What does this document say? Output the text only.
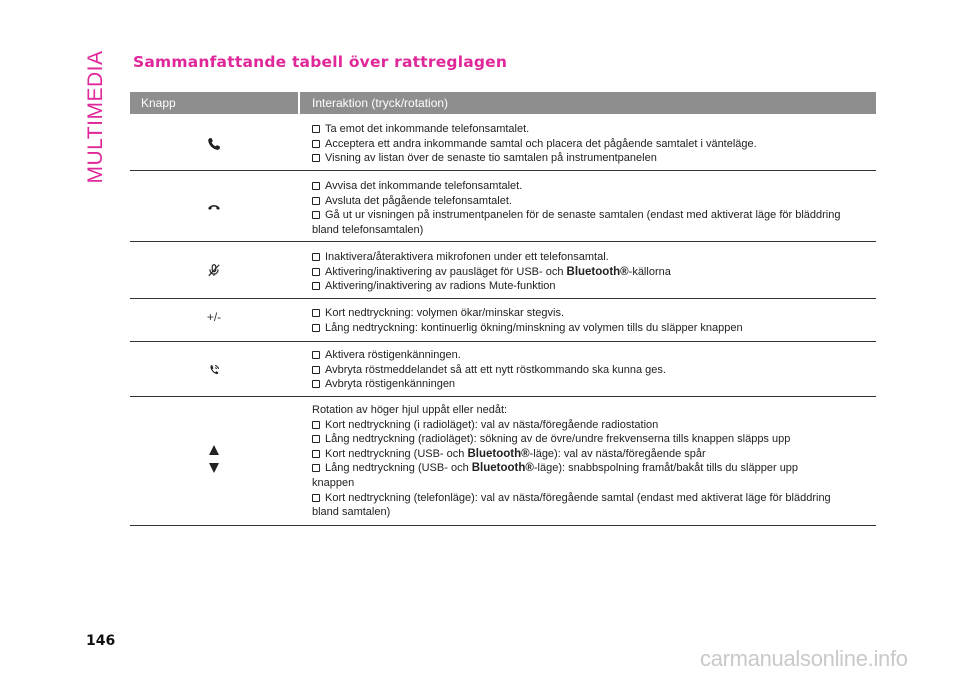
MULTIMEDIA Sammanfattande tabell över rattreglagen
Knapp	Interaktion (tryck/rotation)
Ta emot det inkommande telefonsamtalet.
Acceptera ett andra inkommande samtal och placera det pågående samtalet i vänteläge.
Visning av listan över de senaste tio samtalen på instrumentpanelen
Avvisa det inkommande telefonsamtalet.
Avsluta det pågående telefonsamtalet.
Gå ut ur visningen på instrumentpanelen för de senaste samtalen (endast med aktiverat läge för bläddring
bland telefonsamtalen)
Inaktivera/återaktivera mikrofonen under ett telefonsamtal.
Aktivering/inaktivering av pausläget för USB- och Bluetooth®-källorna
Aktivering/inaktivering av radions Mute-funktion
+/-	Kort nedtryckning: volymen ökar/minskar stegvis.
Lång nedtryckning: kontinuerlig ökning/minskning av volymen tills du släpper knappen
Aktivera röstigenkänningen.
Avbryta röstmeddelandet så att ett nytt röstkommando ska kunna ges.
Avbryta röstigenkänningen
Rotation av höger hjul uppåt eller nedåt:
Kort nedtryckning (i radioläget): val av nästa/föregående radiostation
Lång nedtryckning (radioläget): sökning av de övre/undre frekvenserna tills knappen släpps upp
Kort nedtryckning (USB- och Bluetooth®-läge): val av nästa/föregående spår
Lång nedtryckning (USB- och Bluetooth®-läge): snabbspolning framåt/bakåt tills du släpper upp
knappen
Kort nedtryckning (telefonläge): val av nästa/föregående samtal (endast med aktiverat läge för bläddring
bland samtalen)
146
carmanualsonline.info
